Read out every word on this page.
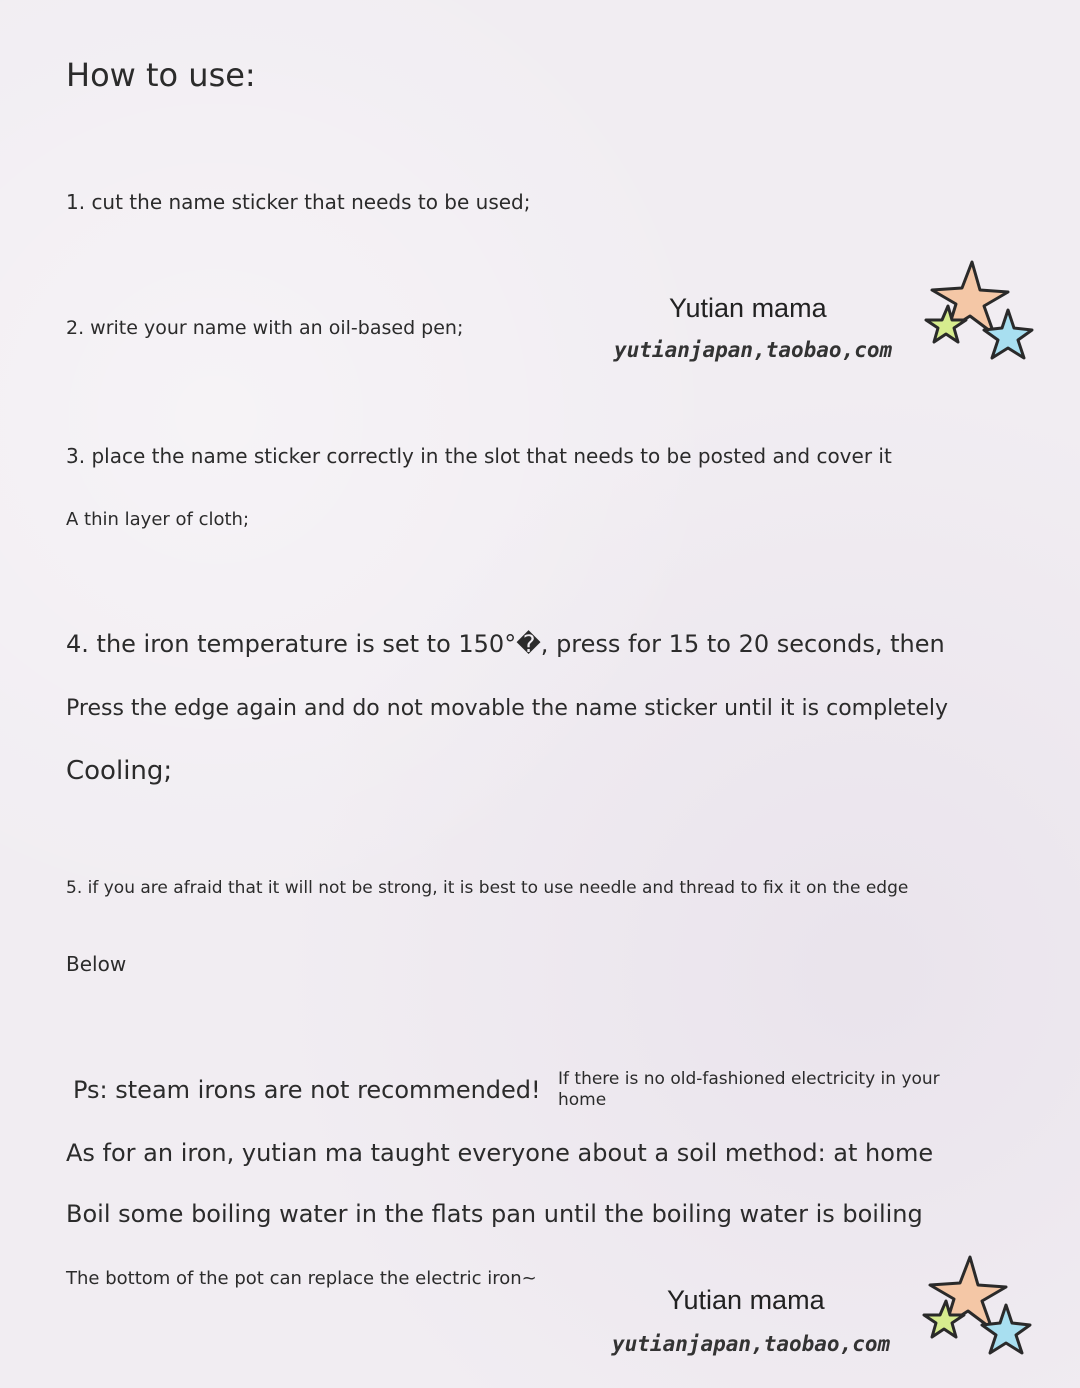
How to use:

1. cut the name sticker that needs to be used;

2. write your name with an oil-based pen;

3. place the name sticker correctly in the slot that needs to be posted and cover it

A thin layer of cloth;

4. the iron temperature is set to 150°�, press for 15 to 20 seconds, then

Press the edge again and do not movable the name sticker until it is completely

Cooling;

5. if you are afraid that it will not be strong, it is best to use needle and thread to fix it on the edge

Below

Ps: steam irons are not recommended! If there is no old-fashioned electricity in your home

As for an iron, yutian ma taught everyone about a soil method: at home

Boil some boiling water in the flats pan until the boiling water is boiling

The bottom of the pot can replace the electric iron~

Yutian mama
yutianjapan,taobao,com
Yutian mama
yutianjapan,taobao,com
